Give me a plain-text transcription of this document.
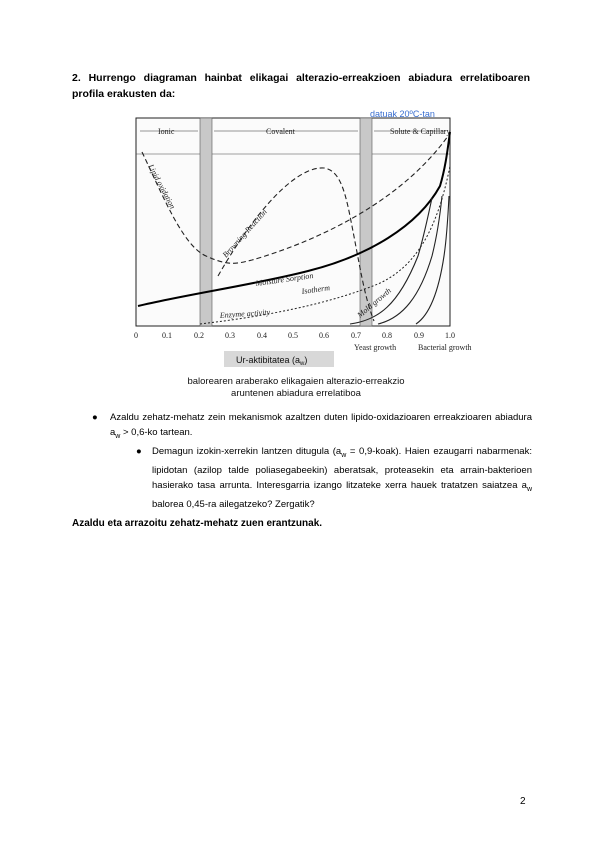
2. Hurrengo diagraman hainbat elikagai alterazio-erreakzioen abiadura errelatiboaren profila erakusten da:
Ionic	Covalent	Solute & Capillary
datuak 20ºC-tan
Lipid oxidation
Browning Reaction
Moisture Sorption
Isotherm
Enzyme activity	Mold growth
0	0.1	0.2	0.3	0.4	0.5	0.6	0.7	0.8	0.9	1.0
Ur-aktibitatea $(a_w)$
Yeast growth	Bacterial growth
balorearen araberako elikagaien alterazio-erreakzio
aruntenen abiadura errelatiboa
● Azaldu zehatz-mehatz zein mekanismok azaltzen duten lipido-oxidazioaren erreakzioaren abiadura $a_w > 0,6-ko$ tartean.
● Demagun izokin-xerrekin lantzen ditugula ($a_w$ = 0,9-koak). Haien ezaugarri nabarmenak: lipidotan (azilop talde poliasegabeekin) aberatsak, proteasekin eta arrain-bakterioen hasierako tasa arrunta. Interesgarria izango litzateke xerra hauek tratatzen saiatzea $a_w$ balorea 0,45-ra ailegatzeko? Zergatik?
Azaldu eta arrazoitu zehatz-mehatz zuen erantzunak.
2
